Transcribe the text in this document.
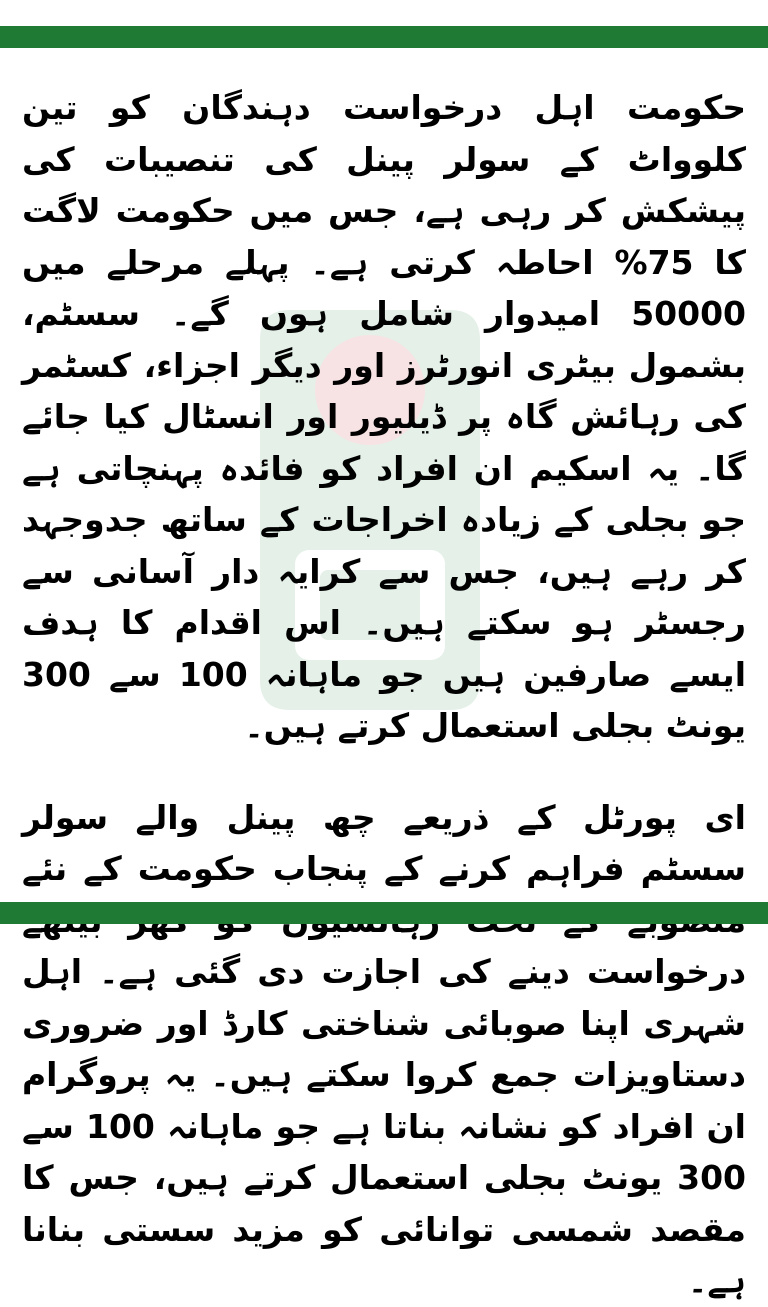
حکومت اہل درخواست دہندگان کو تین کلوواٹ کے سولر پینل کی تنصیبات کی پیشکش کر رہی ہے، جس میں حکومت لاگت کا 75% احاطہ کرتی ہے۔ پہلے مرحلے میں 50000 امیدوار شامل ہوں گے۔ سسٹم، بشمول بیٹری انورٹرز اور دیگر اجزاء، کسٹمر کی رہائش گاہ پر ڈیلیور اور انسٹال کیا جائے گا۔ یہ اسکیم ان افراد کو فائدہ پہنچاتی ہے جو بجلی کے زیادہ اخراجات کے ساتھ جدوجہد کر رہے ہیں، جس سے کرایہ دار آسانی سے رجسٹر ہو سکتے ہیں۔ اس اقدام کا ہدف ایسے صارفین ہیں جو ماہانہ 100 سے 300 یونٹ بجلی استعمال کرتے ہیں۔

ای پورٹل کے ذریعے چھ پینل والے سولر سسٹم فراہم کرنے کے پنجاب حکومت کے نئے درخواست دینے کی اجازت دی گئی ہے۔ اہل شہری اپنا صوبائی شناختی کارڈ اور ضروری دستاویزات جمع کروا سکتے ہیں۔ یہ پروگرام ان افراد کو نشانہ بناتا ہے جو ماہانہ 100 سے 300 یونٹ بجلی استعمال کرتے ہیں، جس کا مقصد شمسی توانائی کو مزید سستی بنانا ہے۔
